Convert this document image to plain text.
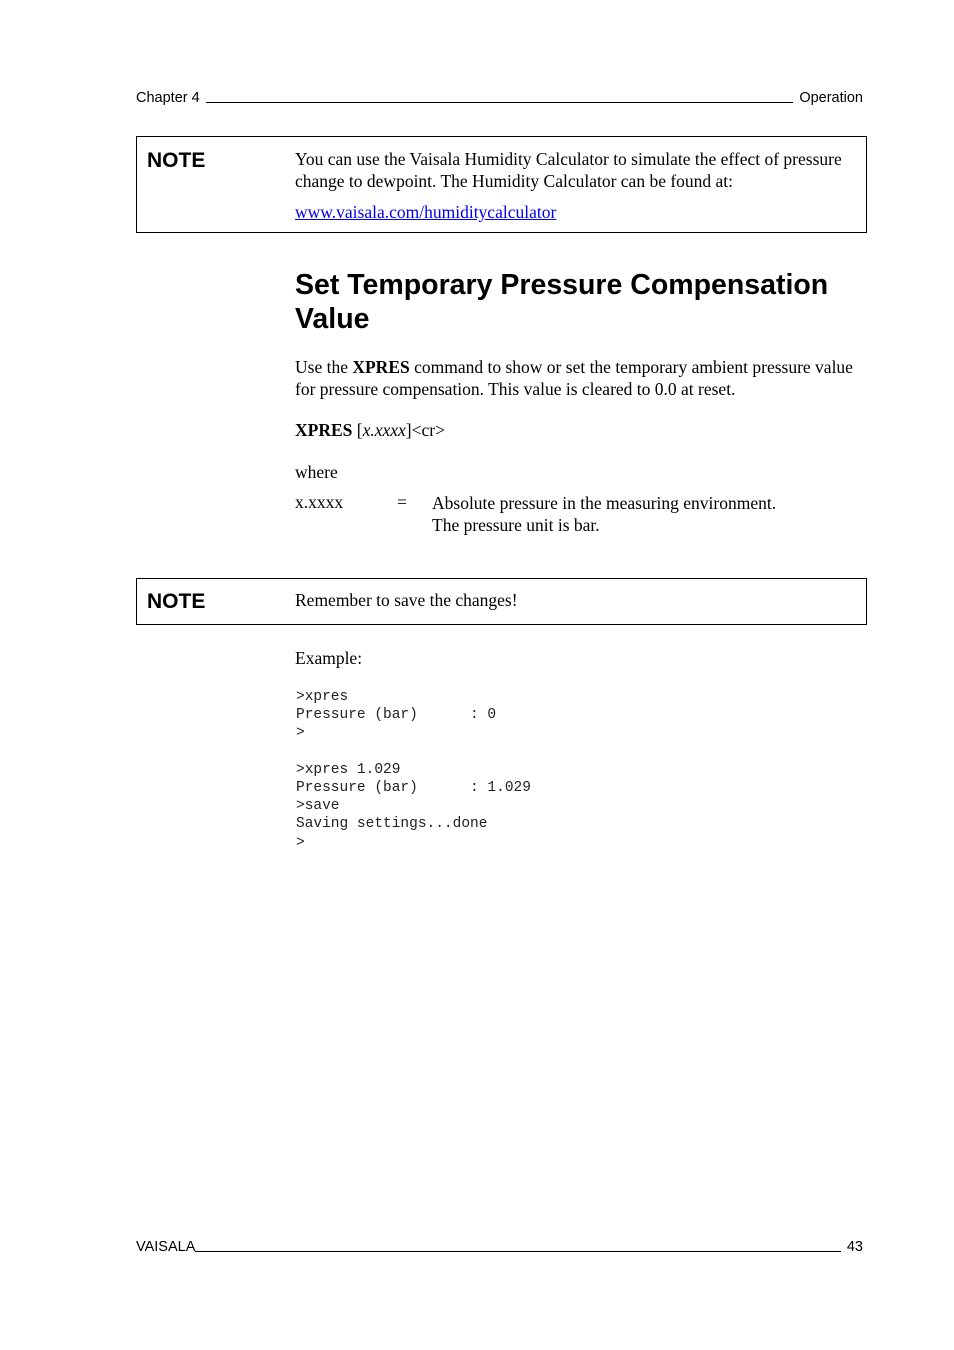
Chapter 4	Operation
NOTE	You can use the Vaisala Humidity Calculator to simulate the effect of pressure change to dewpoint. The Humidity Calculator can be found at:
www.vaisala.com/humiditycalculator
Set Temporary Pressure Compensation Value
Use the XPRES command to show or set the temporary ambient pressure value for pressure compensation. This value is cleared to 0.0 at reset.
XPRES [x.xxxx]<cr>
where
x.xxxx	= Absolute pressure in the measuring environment.
The pressure unit is bar.
NOTE	Remember to save the changes!
Example:
>xpres
Pressure (bar)      : 0
>

>xpres 1.029
Pressure (bar)      : 1.029
>save
Saving settings...done
>
VAISALA	43
